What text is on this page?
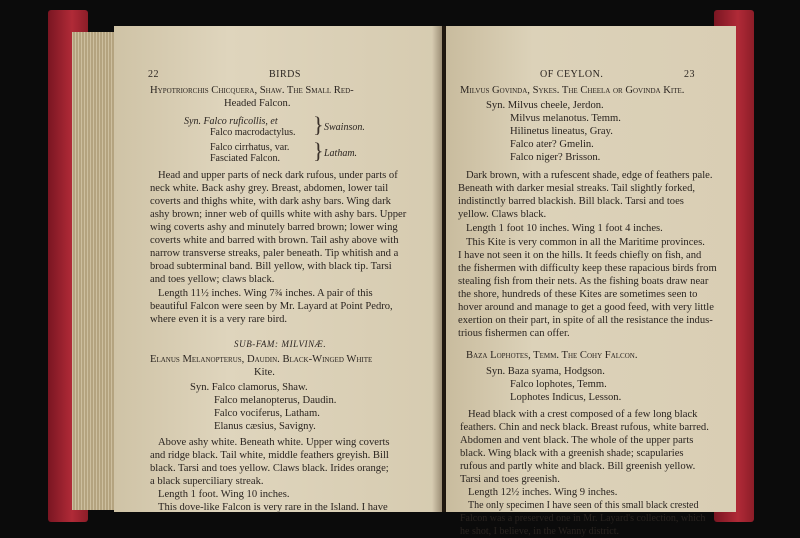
22	BIRDS
Hypotriorchis Chicquera, Shaw. The Small Red-
Headed Falcon.
Syn. Falco ruficollis, et
Falco macrodactylus. } Swainson.
Falco cirrhatus, var.
Fasciated Falcon. } Latham.
Head and upper parts of neck dark rufous, under parts of
neck white. Back ashy grey. Breast, abdomen, lower tail
coverts and thighs white, with dark ashy bars. Wing dark
ashy brown; inner web of quills white with ashy bars. Upper
wing coverts ashy and minutely barred brown; lower wing
coverts white and barred with brown. Tail ashy above with
narrow transverse streaks, paler beneath. Tip whitish and a
broad subterminal band. Bill yellow, with black tip. Tarsi
and toes yellow; claws black.
Length 11½ inches. Wing 7¾ inches. A pair of this
beautiful Falcon were seen by Mr. Layard at Point Pedro,
where even it is a very rare bird.
SUB-FAM: MILVINÆ.
Elanus Melanopterus, Daudin. Black-Winged White
Kite.
Syn. Falco clamorus, Shaw.
Falco melanopterus, Daudin.
Falco vociferus, Latham.
Elanus cæsius, Savigny.
Above ashy white. Beneath white. Upper wing coverts
and ridge black. Tail white, middle feathers greyish. Bill
black. Tarsi and toes yellow. Claws black. Irides orange;
a black superciliary streak.
Length 1 foot. Wing 10 inches.
This dove-like Falcon is very rare in the Island. I have
OF CEYLON.	23
Milvus Govinda, Sykes. The Cheela or Govinda Kite.
Syn. Milvus cheele, Jerdon.
Milvus melanotus. Temm.
Hilinetus lineatus, Gray.
Falco ater? Gmelin.
Falco niger? Brisson.
Dark brown, with a rufescent shade, edge of feathers pale.
Beneath with darker mesial streaks. Tail slightly forked,
indistinctly barred blackish. Bill black. Tarsi and toes
yellow. Claws black.
Length 1 foot 10 inches. Wing 1 foot 4 inches.
This Kite is very common in all the Maritime provinces.
I have not seen it on the hills. It feeds chiefly on fish, and
the fishermen with difficulty keep these rapacious birds from
stealing fish from their nets. As the fishing boats draw near
the shore, hundreds of these Kites are sometimes seen to
hover around and manage to get a good feed, with very little
exertion on their part, in spite of all the resistance the indus-
trious fishermen can offer.
Baza Lophotes, Temm. The Cohy Falcon.
Syn. Baza syama, Hodgson.
Falco lophotes, Temm.
Lophotes Indicus, Lesson.
Head black with a crest composed of a few long black
feathers. Chin and neck black. Breast rufous, white barred.
Abdomen and vent black. The whole of the upper parts
black. Wing black with a greenish shade; scapularies
rufous and partly white and black. Bill greenish yellow.
Tarsi and toes greenish.
Length 12½ inches. Wing 9 inches.
The only specimen I have seen of this small black crested
Falcon was a preserved one in Mr. Layard's collection, which
he shot, I believe, in the Wanny district.
